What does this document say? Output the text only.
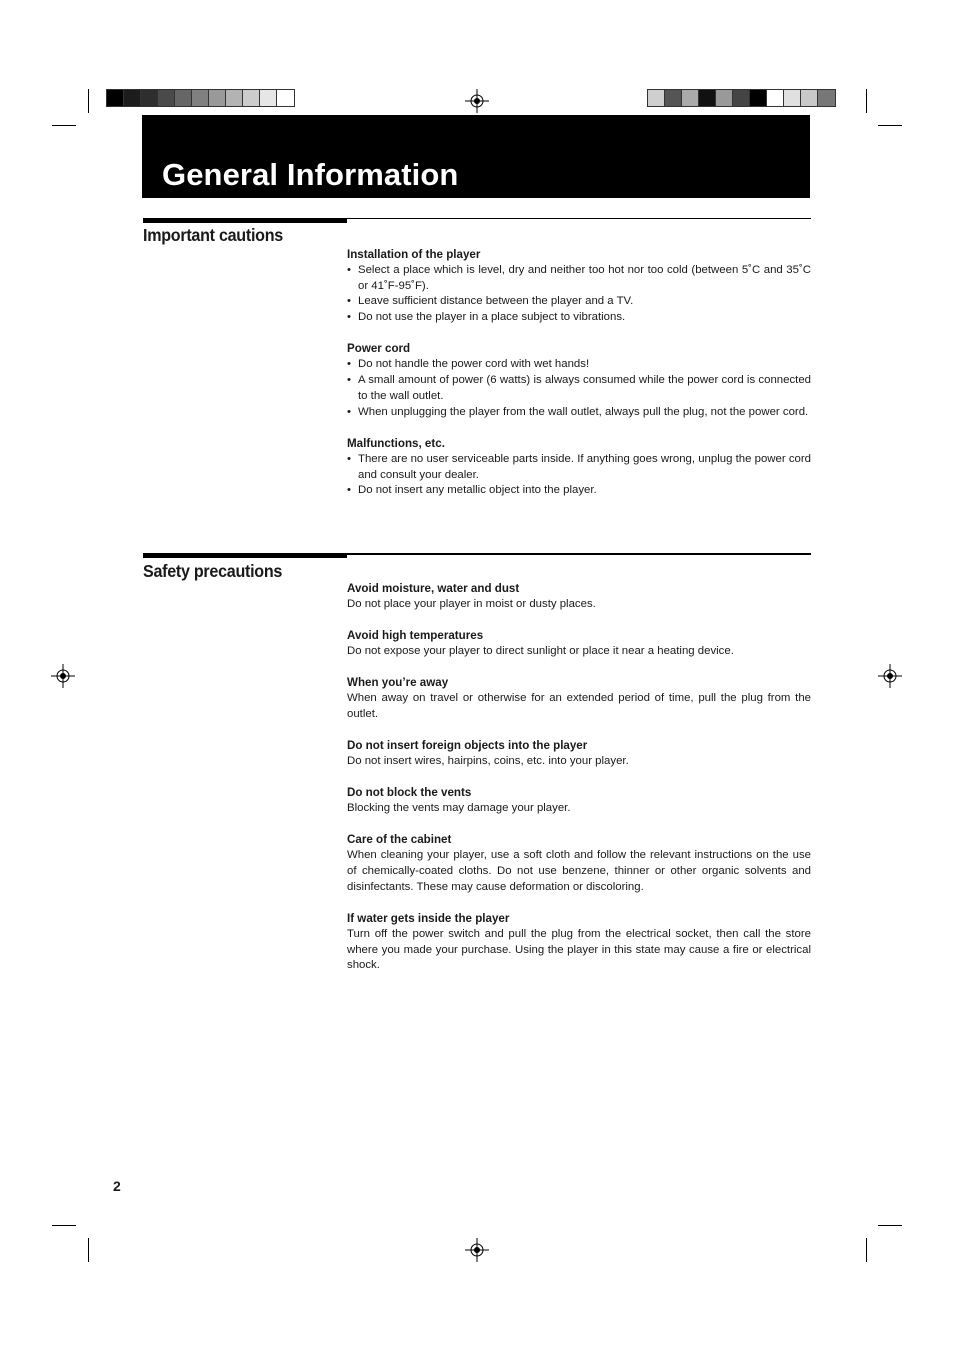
General Information
Important cautions
Installation of the player
• Select a place which is level, dry and neither too hot nor too cold (between 5˚C and 35˚C or 41˚F-95˚F).
• Leave sufficient distance between the player and a TV.
• Do not use the player in a place subject to vibrations.
Power cord
• Do not handle the power cord with wet hands!
• A small amount of power (6 watts) is always consumed while the power cord is connected to the wall outlet.
• When unplugging the player from the wall outlet, always pull the plug, not the power cord.
Malfunctions, etc.
• There are no user serviceable parts inside. If anything goes wrong, unplug the power cord and consult your dealer.
• Do not insert any metallic object into the player.
Safety precautions
Avoid moisture, water and dust

Do not place your player in moist or dusty places.

Avoid high temperatures

Do not expose your player to direct sunlight or place it near a heating device.

When you’re away

When away on travel or otherwise for an extended period of time, pull the plug from the outlet.

Do not insert foreign objects into the player

Do not insert wires, hairpins, coins, etc. into your player.

Do not block the vents

Blocking the vents may damage your player.

Care of the cabinet

When cleaning your player, use a soft cloth and follow the relevant instructions on the use of chemically-coated cloths. Do not use benzene, thinner or other organic solvents and disinfectants. These may cause deformation or discoloring.

If water gets inside the player

Turn off the power switch and pull the plug from the electrical socket, then call the store where you made your purchase. Using the player in this state may cause a fire or electrical shock.

2
